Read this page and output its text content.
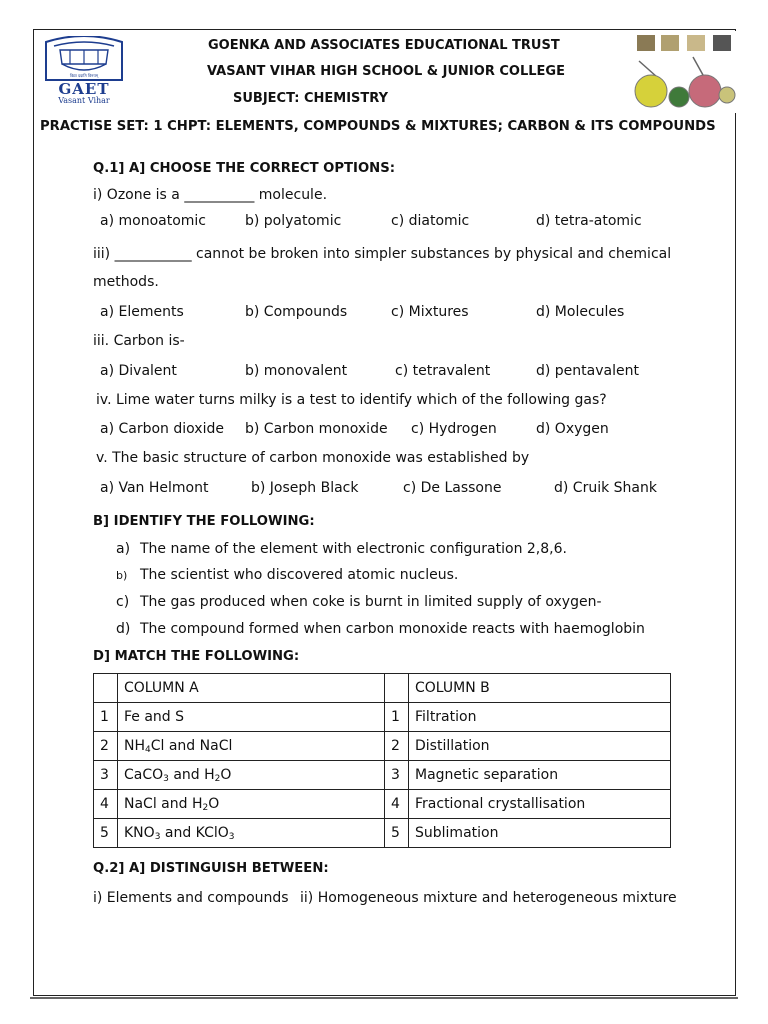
विद्या ददाति विनयम्
GAET
Vasant Vihar
GOENKA AND ASSOCIATES EDUCATIONAL TRUST
VASANT VIHAR HIGH SCHOOL & JUNIOR COLLEGE
SUBJECT: CHEMISTRY
PRACTISE SET: 1 CHPT: ELEMENTS, COMPOUNDS & MIXTURES; CARBON & ITS COMPOUNDS
Q.1] A] CHOOSE THE CORRECT OPTIONS:
i) Ozone is a __________ molecule.
a) monoatomic	b) polyatomic	c) diatomic	d) tetra-atomic
iii) ___________ cannot be broken into simpler substances by physical and chemical
methods.
a) Elements	b) Compounds	c) Mixtures	d) Molecules
iii. Carbon is-
a) Divalent	b) monovalent	c) tetravalent	d) pentavalent
iv. Lime water turns milky is a test to identify which of the following gas?
a) Carbon dioxide b) Carbon monoxide c) Hydrogen	d) Oxygen
v. The basic structure of carbon monoxide was established by
a) Van Helmont	b) Joseph Black	c) De Lassone	d) Cruik Shank
B] IDENTIFY THE FOLLOWING:
a) The name of the element with electronic configuration 2,8,6.
b) The scientist who discovered atomic nucleus.
c) The gas produced when coke is burnt in limited supply of oxygen-
d) The compound formed when carbon monoxide reacts with haemoglobin
D] MATCH THE FOLLOWING:
	COLUMN A		COLUMN B
1	Fe and S	1	Filtration
2	$NH_4Cl$ and NaCl	2	Distillation
3	CaCO$_3$ and $H_2O$	3	Magnetic separation
4	NaCl and $H_2O$	4	Fractional crystallisation
5	$KNO_3$ and KClO$_3$	5	Sublimation
Q.2] A] DISTINGUISH BETWEEN:
i) Elements and compounds ii) Homogeneous mixture and heterogeneous mixture
